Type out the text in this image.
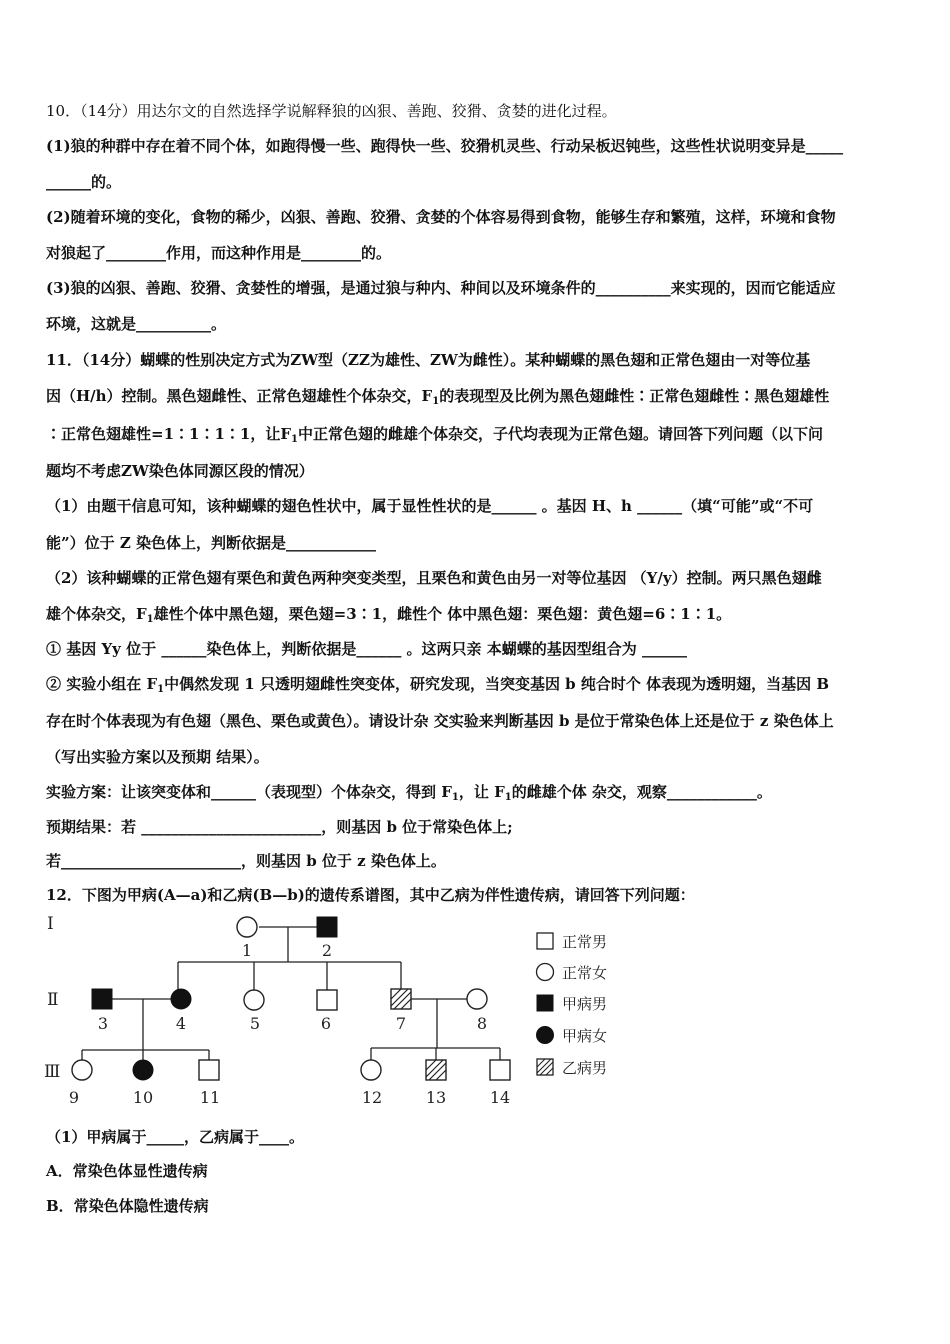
10．（14分）用达尔文的自然选择学说解释狼的凶狠、善跑、狡猾、贪婪的进化过程。
(1)狼的种群中存在着不同个体，如跑得慢一些、跑得快一些、狡猾机灵些、行动呆板迟钝些，这些性状说明变异是_____
______的。
(2)随着环境的变化，食物的稀少，凶狠、善跑、狡猾、贪婪的个体容易得到食物，能够生存和繁殖，这样，环境和食物
对狼起了________作用，而这种作用是________的。
(3)狼的凶狠、善跑、狡猾、贪婪性的增强，是通过狼与种内、种间以及环境条件的__________来实现的，因而它能适应
环境，这就是__________。
11．（14分）蝴蝶的性别决定方式为ZW型（ZZ为雄性、ZW为雌性）。某种蝴蝶的黑色翅和正常色翅由一对等位基
因（H/h）控制。黑色翅雌性、正常色翅雄性个体杂交，$F_1$的表现型及比例为黑色翅雌性∶正常色翅雌性∶黑色翅雄性
∶正常色翅雄性=1∶1∶1∶1，让$F_1$中正常色翅的雌雄个体杂交，子代均表现为正常色翅。请回答下列问题（以下问
题均不考虑ZW染色体同源区段的情况）
（1）由题干信息可知，该种蝴蝶的翅色性状中，属于显性性状的是______ 。基因 H、h ______（填“可能”或“不可
能”）位于 Z 染色体上，判断依据是____________
（2）该种蝴蝶的正常色翅有栗色和黄色两种突变类型，且栗色和黄色由另一对等位基因 （Y/y）控制。两只黑色翅雌
雄个体杂交，$F_1$雄性个体中黑色翅，栗色翅=3∶1，雌性个 体中黑色翅：栗色翅：黄色翅=6∶1∶1。
① 基因 Yy 位于 ______染色体上，判断依据是______ 。这两只亲 本蝴蝶的基因型组合为 ______
② 实验小组在 $F_1$中偶然发现 1 只透明翅雌性突变体，研究发现，当突变基因 b 纯合时个 体表现为透明翅，当基因 B
存在时个体表现为有色翅（黑色、栗色或黄色）。请设计杂 交实验来判断基因 b 是位于常染色体上还是位于 z 染色体上
（写出实验方案以及预期 结果）。
实验方案：让该突变体和______（表现型）个体杂交，得到 $F_1$，让 $F_1$的雌雄个体 杂交，观察____________。
预期结果：若 ________________________，则基因 b 位于常染色体上;
若________________________，则基因 b 位于 z 染色体上。
12．下图为甲病(A—a)和乙病(B—b)的遗传系谱图，其中乙病为伴性遗传病，请回答下列问题：
Ⅰ
Ⅱ
Ⅲ
1	2
3	4	5	6	7	8
9	10	11	12	13	14
正常男
正常女
甲病男
甲病女
乙病男
（1）甲病属于_____，乙病属于____。
A．常染色体显性遗传病
B．常染色体隐性遗传病
